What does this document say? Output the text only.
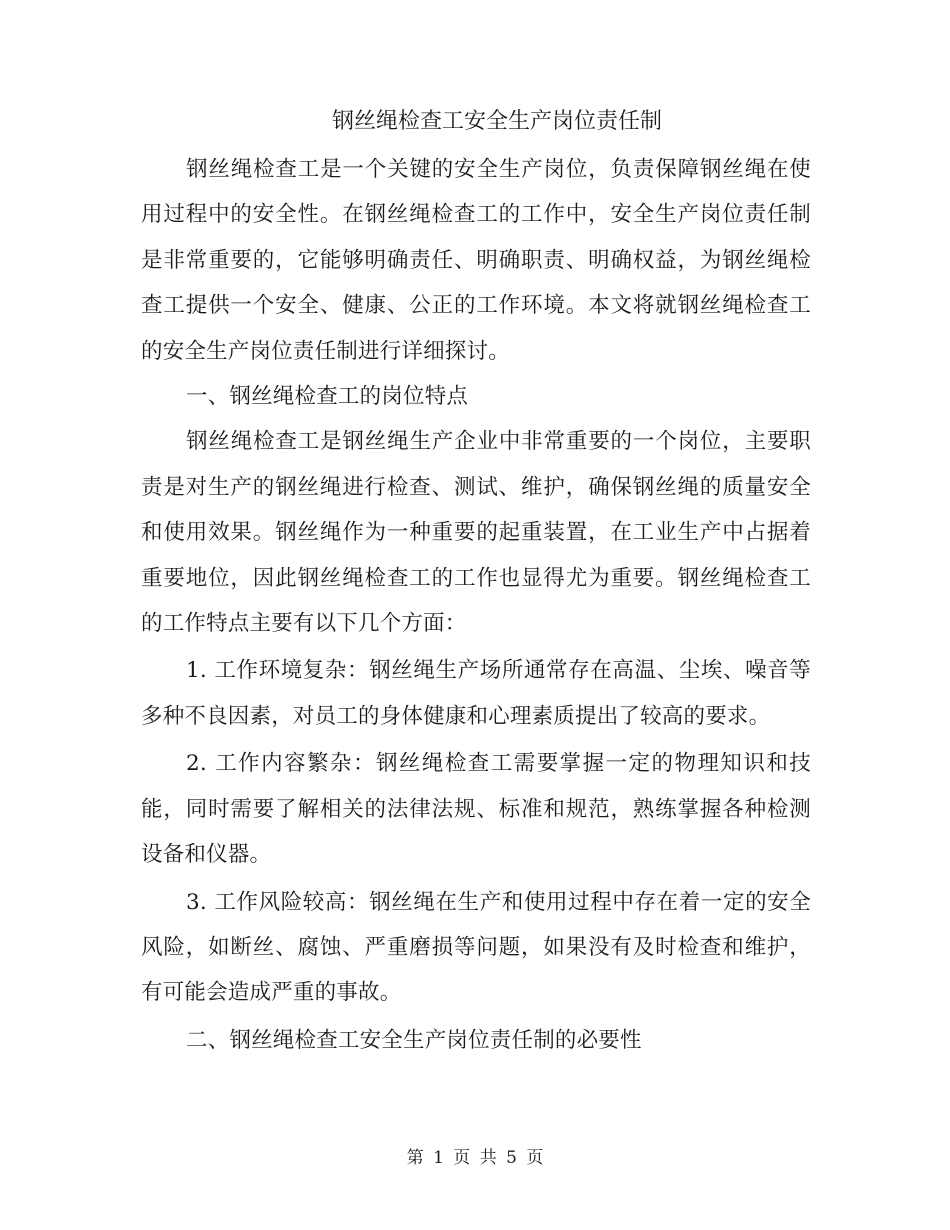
钢丝绳检查工安全生产岗位责任制

钢丝绳检查工是一个关键的安全生产岗位，负责保障钢丝绳在使用过程中的安全性。在钢丝绳检查工的工作中，安全生产岗位责任制是非常重要的，它能够明确责任、明确职责、明确权益，为钢丝绳检查工提供一个安全、健康、公正的工作环境。本文将就钢丝绳检查工的安全生产岗位责任制进行详细探讨。

一、钢丝绳检查工的岗位特点

钢丝绳检查工是钢丝绳生产企业中非常重要的一个岗位，主要职责是对生产的钢丝绳进行检查、测试、维护，确保钢丝绳的质量安全和使用效果。钢丝绳作为一种重要的起重装置，在工业生产中占据着重要地位，因此钢丝绳检查工的工作也显得尤为重要。钢丝绳检查工的工作特点主要有以下几个方面：

1. 工作环境复杂：钢丝绳生产场所通常存在高温、尘埃、噪音等多种不良因素，对员工的身体健康和心理素质提出了较高的要求。

2. 工作内容繁杂：钢丝绳检查工需要掌握一定的物理知识和技能，同时需要了解相关的法律法规、标准和规范，熟练掌握各种检测设备和仪器。

3. 工作风险较高：钢丝绳在生产和使用过程中存在着一定的安全风险，如断丝、腐蚀、严重磨损等问题，如果没有及时检查和维护，有可能会造成严重的事故。

二、钢丝绳检查工安全生产岗位责任制的必要性

第 1 页 共 5 页
